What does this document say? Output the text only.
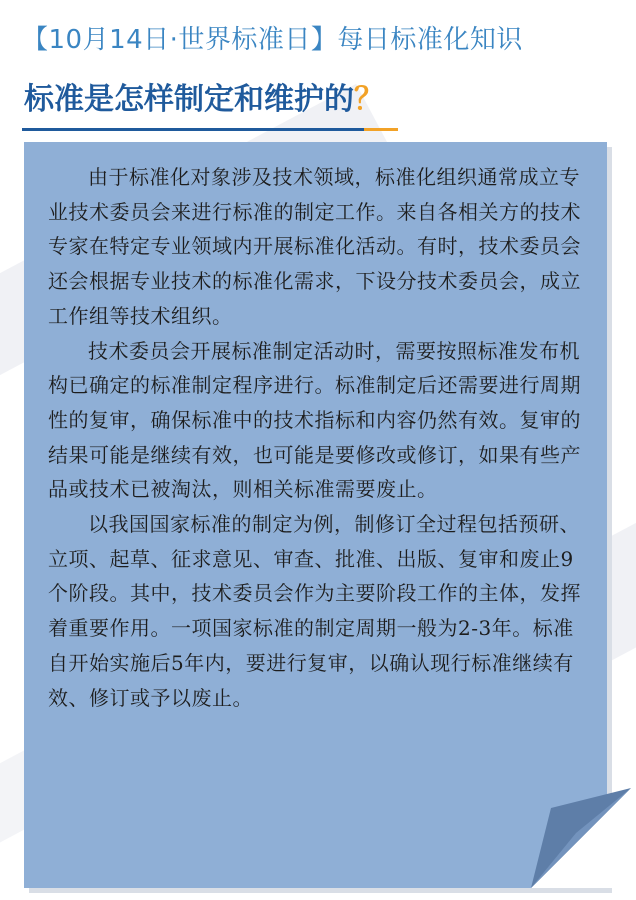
【10月14日·世界标准日】每日标准化知识
标准是怎样制定和维护的？

由于标准化对象涉及技术领域，标准化组织通常成立专业技术委员会来进行标准的制定工作。来自各相关方的技术专家在特定专业领域内开展标准化活动。有时，技术委员会还会根据专业技术的标准化需求，下设分技术委员会，成立工作组等技术组织。

技术委员会开展标准制定活动时，需要按照标准发布机构已确定的标准制定程序进行。标准制定后还需要进行周期性的复审，确保标准中的技术指标和内容仍然有效。复审的结果可能是继续有效，也可能是要修改或修订，如果有些产品或技术已被淘汰，则相关标准需要废止。

以我国国家标准的制定为例，制修订全过程包括预研、立项、起草、征求意见、审查、批准、出版、复审和废止9个阶段。其中，技术委员会作为主要阶段工作的主体，发挥着重要作用。一项国家标准的制定周期一般为2-3年。标准自开始实施后5年内，要进行复审，以确认现行标准继续有效、修订或予以废止。
